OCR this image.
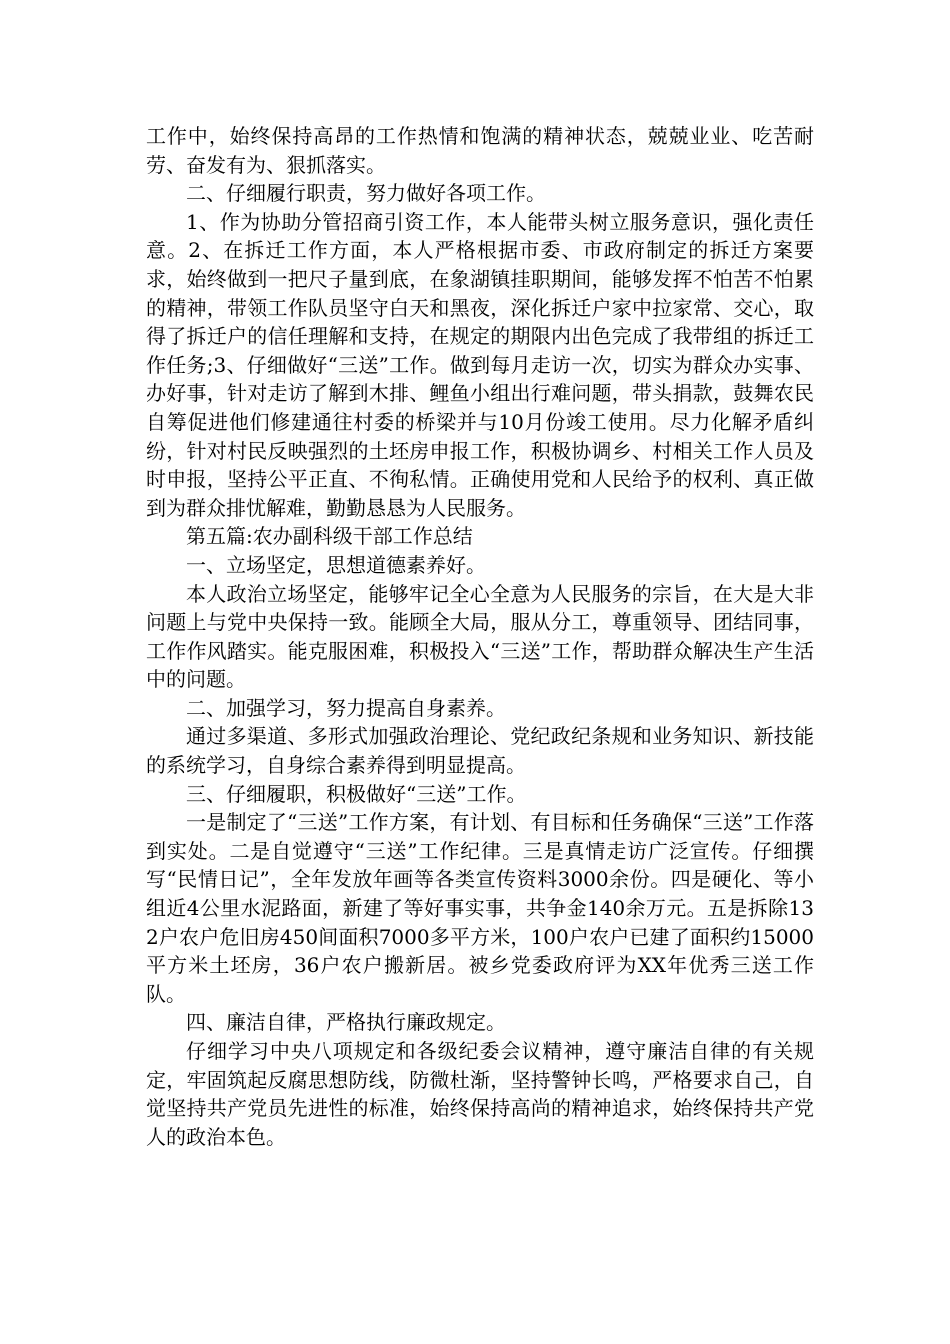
工作中，始终保持高昂的工作热情和饱满的精神状态，兢兢业业、吃苦耐劳、奋发有为、狠抓落实。

二、仔细履行职责，努力做好各项工作。

1、作为协助分管招商引资工作，本人能带头树立服务意识，强化责任意。2、在拆迁工作方面，本人严格根据市委、市政府制定的拆迁方案要求，始终做到一把尺子量到底，在象湖镇挂职期间，能够发挥不怕苦不怕累的精神，带领工作队员坚守白天和黑夜，深化拆迁户家中拉家常、交心，取得了拆迁户的信任理解和支持，在规定的期限内出色完成了我带组的拆迁工作任务;3、仔细做好“三送”工作。做到每月走访一次，切实为群众办实事、办好事，针对走访了解到木排、鲤鱼小组出行难问题，带头捐款，鼓舞农民自筹促进他们修建通往村委的桥梁并与10月份竣工使用。尽力化解矛盾纠纷，针对村民反映强烈的土坯房申报工作，积极协调乡、村相关工作人员及时申报，坚持公平正直、不徇私情。正确使用党和人民给予的权利、真正做到为群众排忧解难，勤勤恳恳为人民服务。

第五篇:农办副科级干部工作总结

一、立场坚定，思想道德素养好。

本人政治立场坚定，能够牢记全心全意为人民服务的宗旨，在大是大非问题上与党中央保持一致。能顾全大局，服从分工，尊重领导、团结同事，工作作风踏实。能克服困难，积极投入“三送”工作，帮助群众解决生产生活中的问题。

二、加强学习，努力提高自身素养。

通过多渠道、多形式加强政治理论、党纪政纪条规和业务知识、新技能的系统学习，自身综合素养得到明显提高。

三、仔细履职，积极做好“三送”工作。

一是制定了“三送”工作方案，有计划、有目标和任务确保“三送”工作落到实处。二是自觉遵守“三送”工作纪律。三是真情走访广泛宣传。仔细撰写“民情日记”，全年发放年画等各类宣传资料3000余份。四是硬化、等小组近4公里水泥路面，新建了等好事实事，共争金140余万元。五是拆除132户农户危旧房450间面积7000多平方米，100户农户已建了面积约15000平方米土坯房，36户农户搬新居。被乡党委政府评为XX年优秀三送工作队。

四、廉洁自律，严格执行廉政规定。

仔细学习中央八项规定和各级纪委会议精神，遵守廉洁自律的有关规定，牢固筑起反腐思想防线，防微杜渐，坚持警钟长鸣，严格要求自己，自觉坚持共产党员先进性的标准，始终保持高尚的精神追求，始终保持共产党人的政治本色。
